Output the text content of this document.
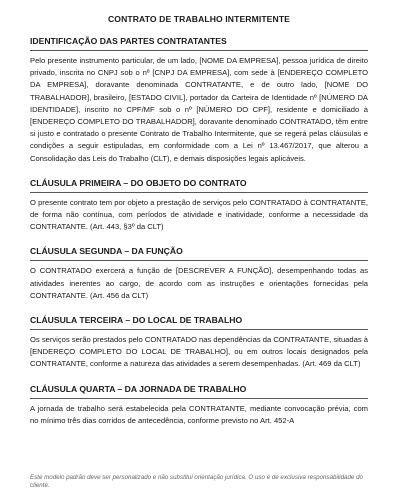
CONTRATO DE TRABALHO INTERMITENTE
IDENTIFICAÇÃO DAS PARTES CONTRATANTES

Pelo presente instrumento particular, de um lado, [NOME DA EMPRESA], pessoa jurídica de direito privado, inscrita no CNPJ sob o nº [CNPJ DA EMPRESA], com sede à [ENDEREÇO COMPLETO DA EMPRESA], doravante denominada CONTRATANTE, e de outro lado, [NOME DO TRABALHADOR], brasileiro, [ESTADO CIVIL], portador da Carteira de Identidade nº [NÚMERO DA IDENTIDADE], inscrito no CPF/MF sob o nº [NÚMERO DO CPF], residente e domiciliado à [ENDEREÇO COMPLETO DO TRABALHADOR], doravante denominado CONTRATADO, têm entre si justo e contratado o presente Contrato de Trabalho Intermitente, que se regerá pelas cláusulas e condições a seguir estipuladas, em conformidade com a Lei nº 13.467/2017, que alterou a Consolidação das Leis do Trabalho (CLT), e demais disposições legais aplicáveis.

CLÁUSULA PRIMEIRA – DO OBJETO DO CONTRATO

O presente contrato tem por objeto a prestação de serviços pelo CONTRATADO à CONTRATANTE, de forma não contínua, com períodos de atividade e inatividade, conforme a necessidade da CONTRATANTE. (Art. 443, §3º da CLT)

CLÁUSULA SEGUNDA – DA FUNÇÃO

O CONTRATADO exercerá a função de [DESCREVER A FUNÇÃO], desempenhando todas as atividades inerentes ao cargo, de acordo com as instruções e orientações fornecidas pela CONTRATANTE. (Art. 456 da CLT)

CLÁUSULA TERCEIRA – DO LOCAL DE TRABALHO

Os serviços serão prestados pelo CONTRATADO nas dependências da CONTRATANTE, situadas à [ENDEREÇO COMPLETO DO LOCAL DE TRABALHO], ou em outros locais designados pela CONTRATANTE, conforme a natureza das atividades a serem desempenhadas. (Art. 469 da CLT)

CLÁUSULA QUARTA – DA JORNADA DE TRABALHO

A jornada de trabalho será estabelecida pela CONTRATANTE, mediante convocação prévia, com no mínimo três dias corridos de antecedência, conforme previsto no Art. 452-A

Este modelo padrão deve ser personalizado e não substitui orientação jurídica. O uso é de exclusiva responsabilidade do cliente.
